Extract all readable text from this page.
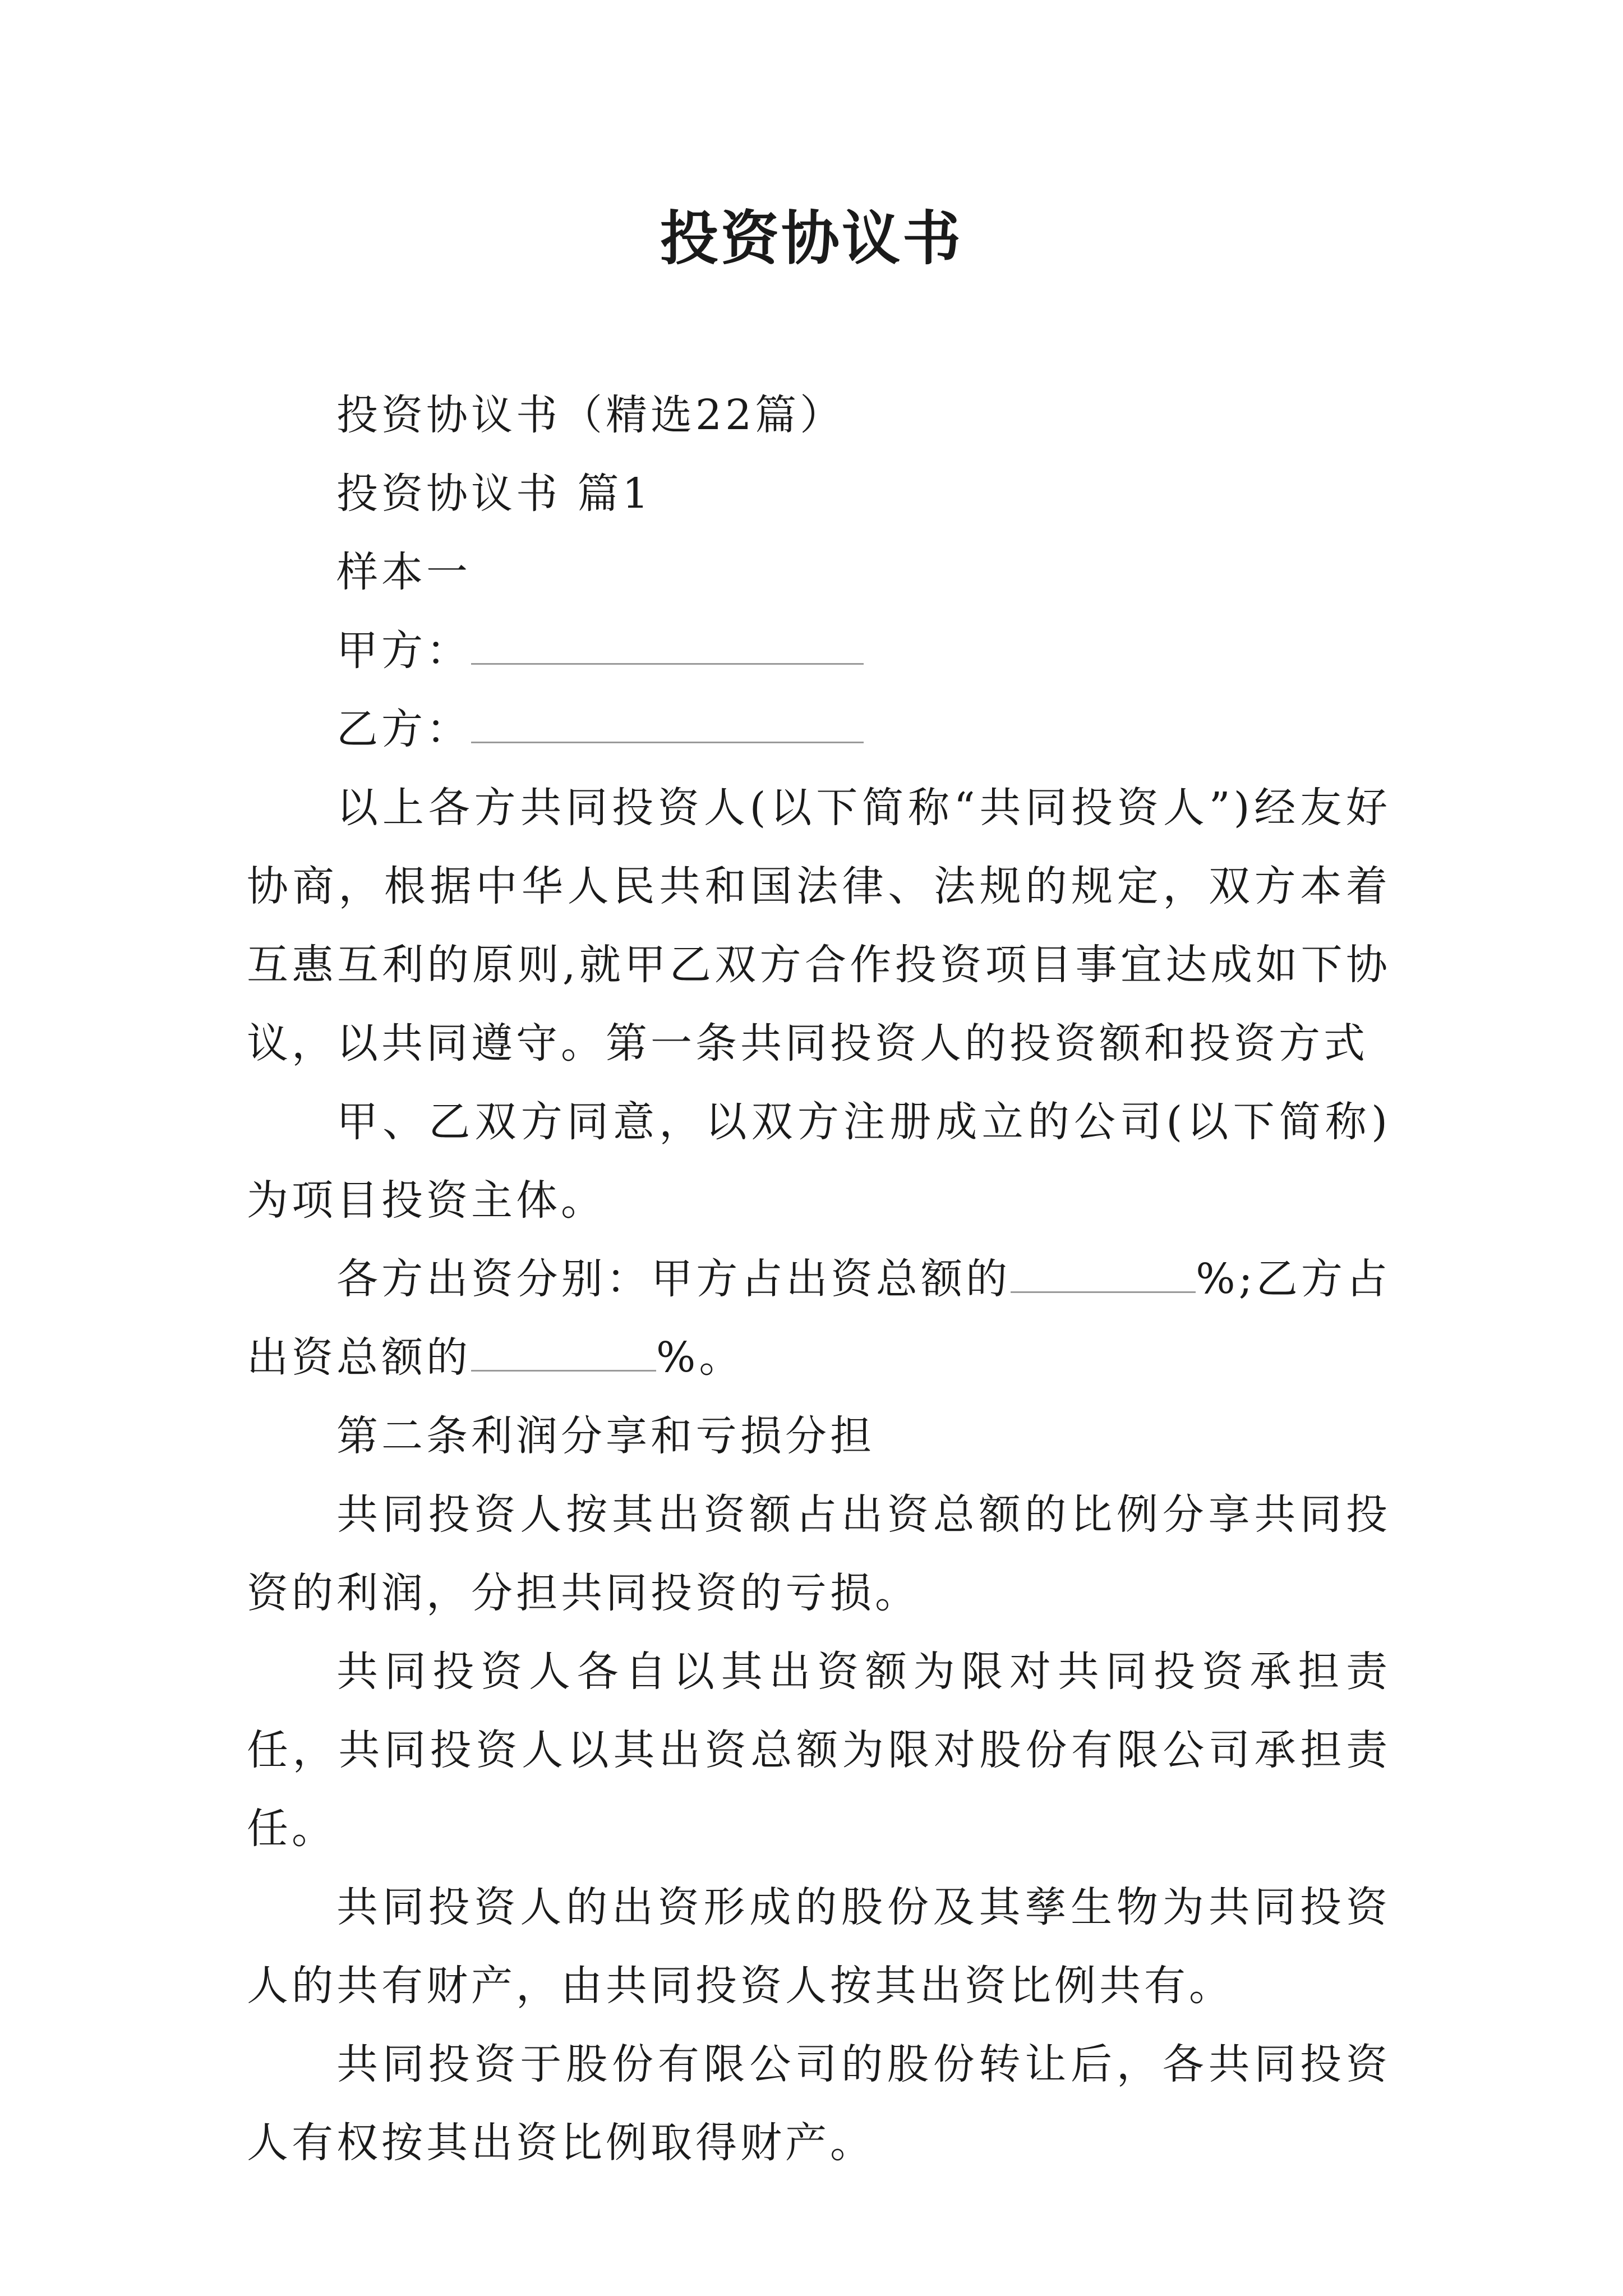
投资协议书

投资协议书（精选22篇）

投资协议书 篇1

样本一

甲方：

乙方：

以上各方共同投资人(以下简称“共同投资人”)经友好协商，根据中华人民共和国法律、法规的规定，双方本着互惠互利的原则,就甲乙双方合作投资项目事宜达成如下协议，以共同遵守。第一条共同投资人的投资额和投资方式

甲、乙双方同意，以双方注册成立的公司(以下简称)为项目投资主体。

各方出资分别：甲方占出资总额的	%;乙方占出资总额的	%。

第二条利润分享和亏损分担

共同投资人按其出资额占出资总额的比例分享共同投资的利润，分担共同投资的亏损。

共同投资人各自以其出资额为限对共同投资承担责任，共同投资人以其出资总额为限对股份有限公司承担责任。

共同投资人的出资形成的股份及其孳生物为共同投资人的共有财产，由共同投资人按其出资比例共有。

共同投资于股份有限公司的股份转让后，各共同投资人有权按其出资比例取得财产。
